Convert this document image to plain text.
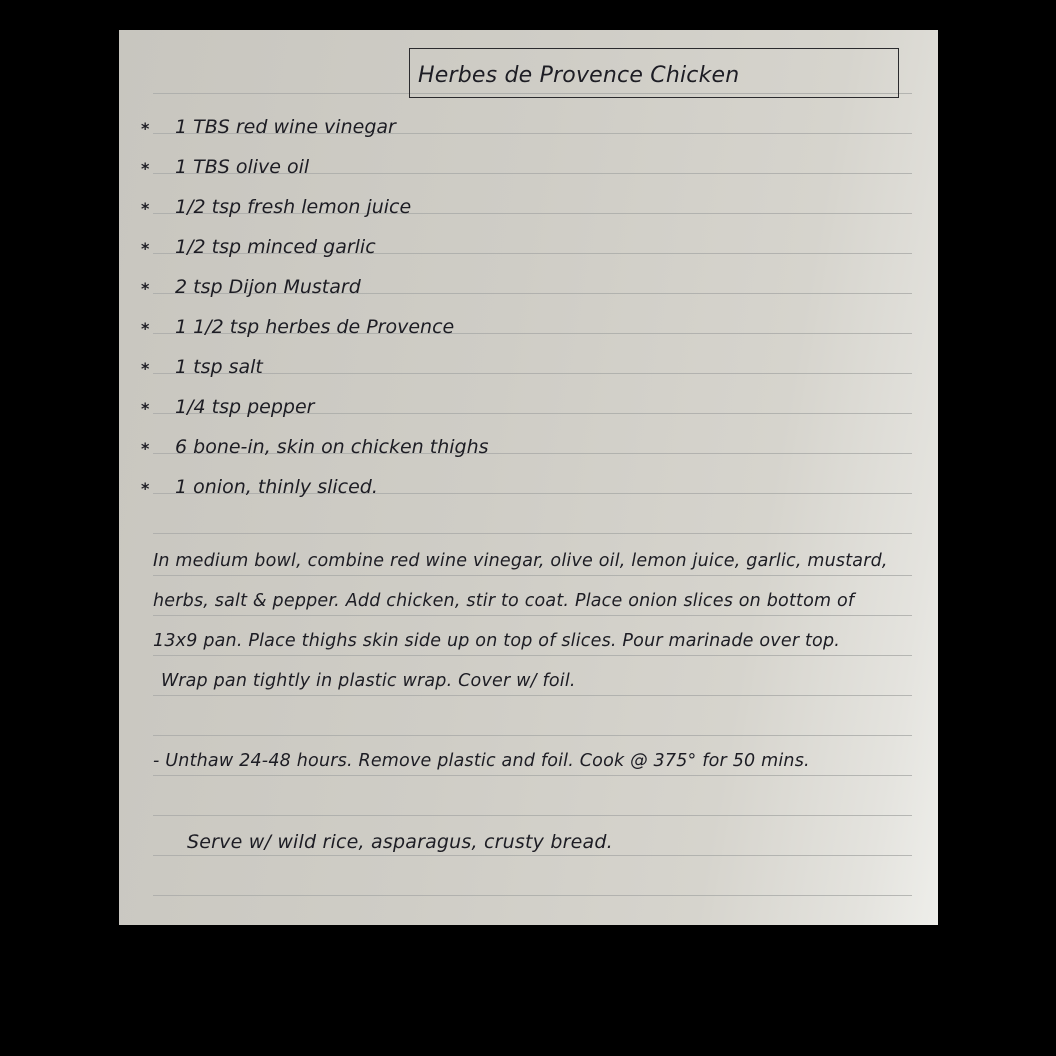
Herbes de Provence Chicken
*	1 TBS red wine vinegar
*	1 TBS olive oil
*	1/2 tsp fresh lemon juice
*	1/2 tsp minced garlic
*	2 tsp Dijon Mustard
*	1 1/2 tsp herbes de Provence
*	1 tsp salt
*	1/4 tsp pepper
*	6 bone-in, skin on chicken thighs
*	1 onion, thinly sliced.
In medium bowl, combine red wine vinegar, olive oil, lemon juice, garlic, mustard,
herbs, salt & pepper. Add chicken, stir to coat. Place onion slices on bottom of
13x9 pan. Place thighs skin side up on top of slices. Pour marinade over top.
Wrap pan tightly in plastic wrap. Cover w/ foil.
- Unthaw 24-48 hours. Remove plastic and foil. Cook @ 375° for 50 mins.
Serve w/ wild rice, asparagus, crusty bread.
